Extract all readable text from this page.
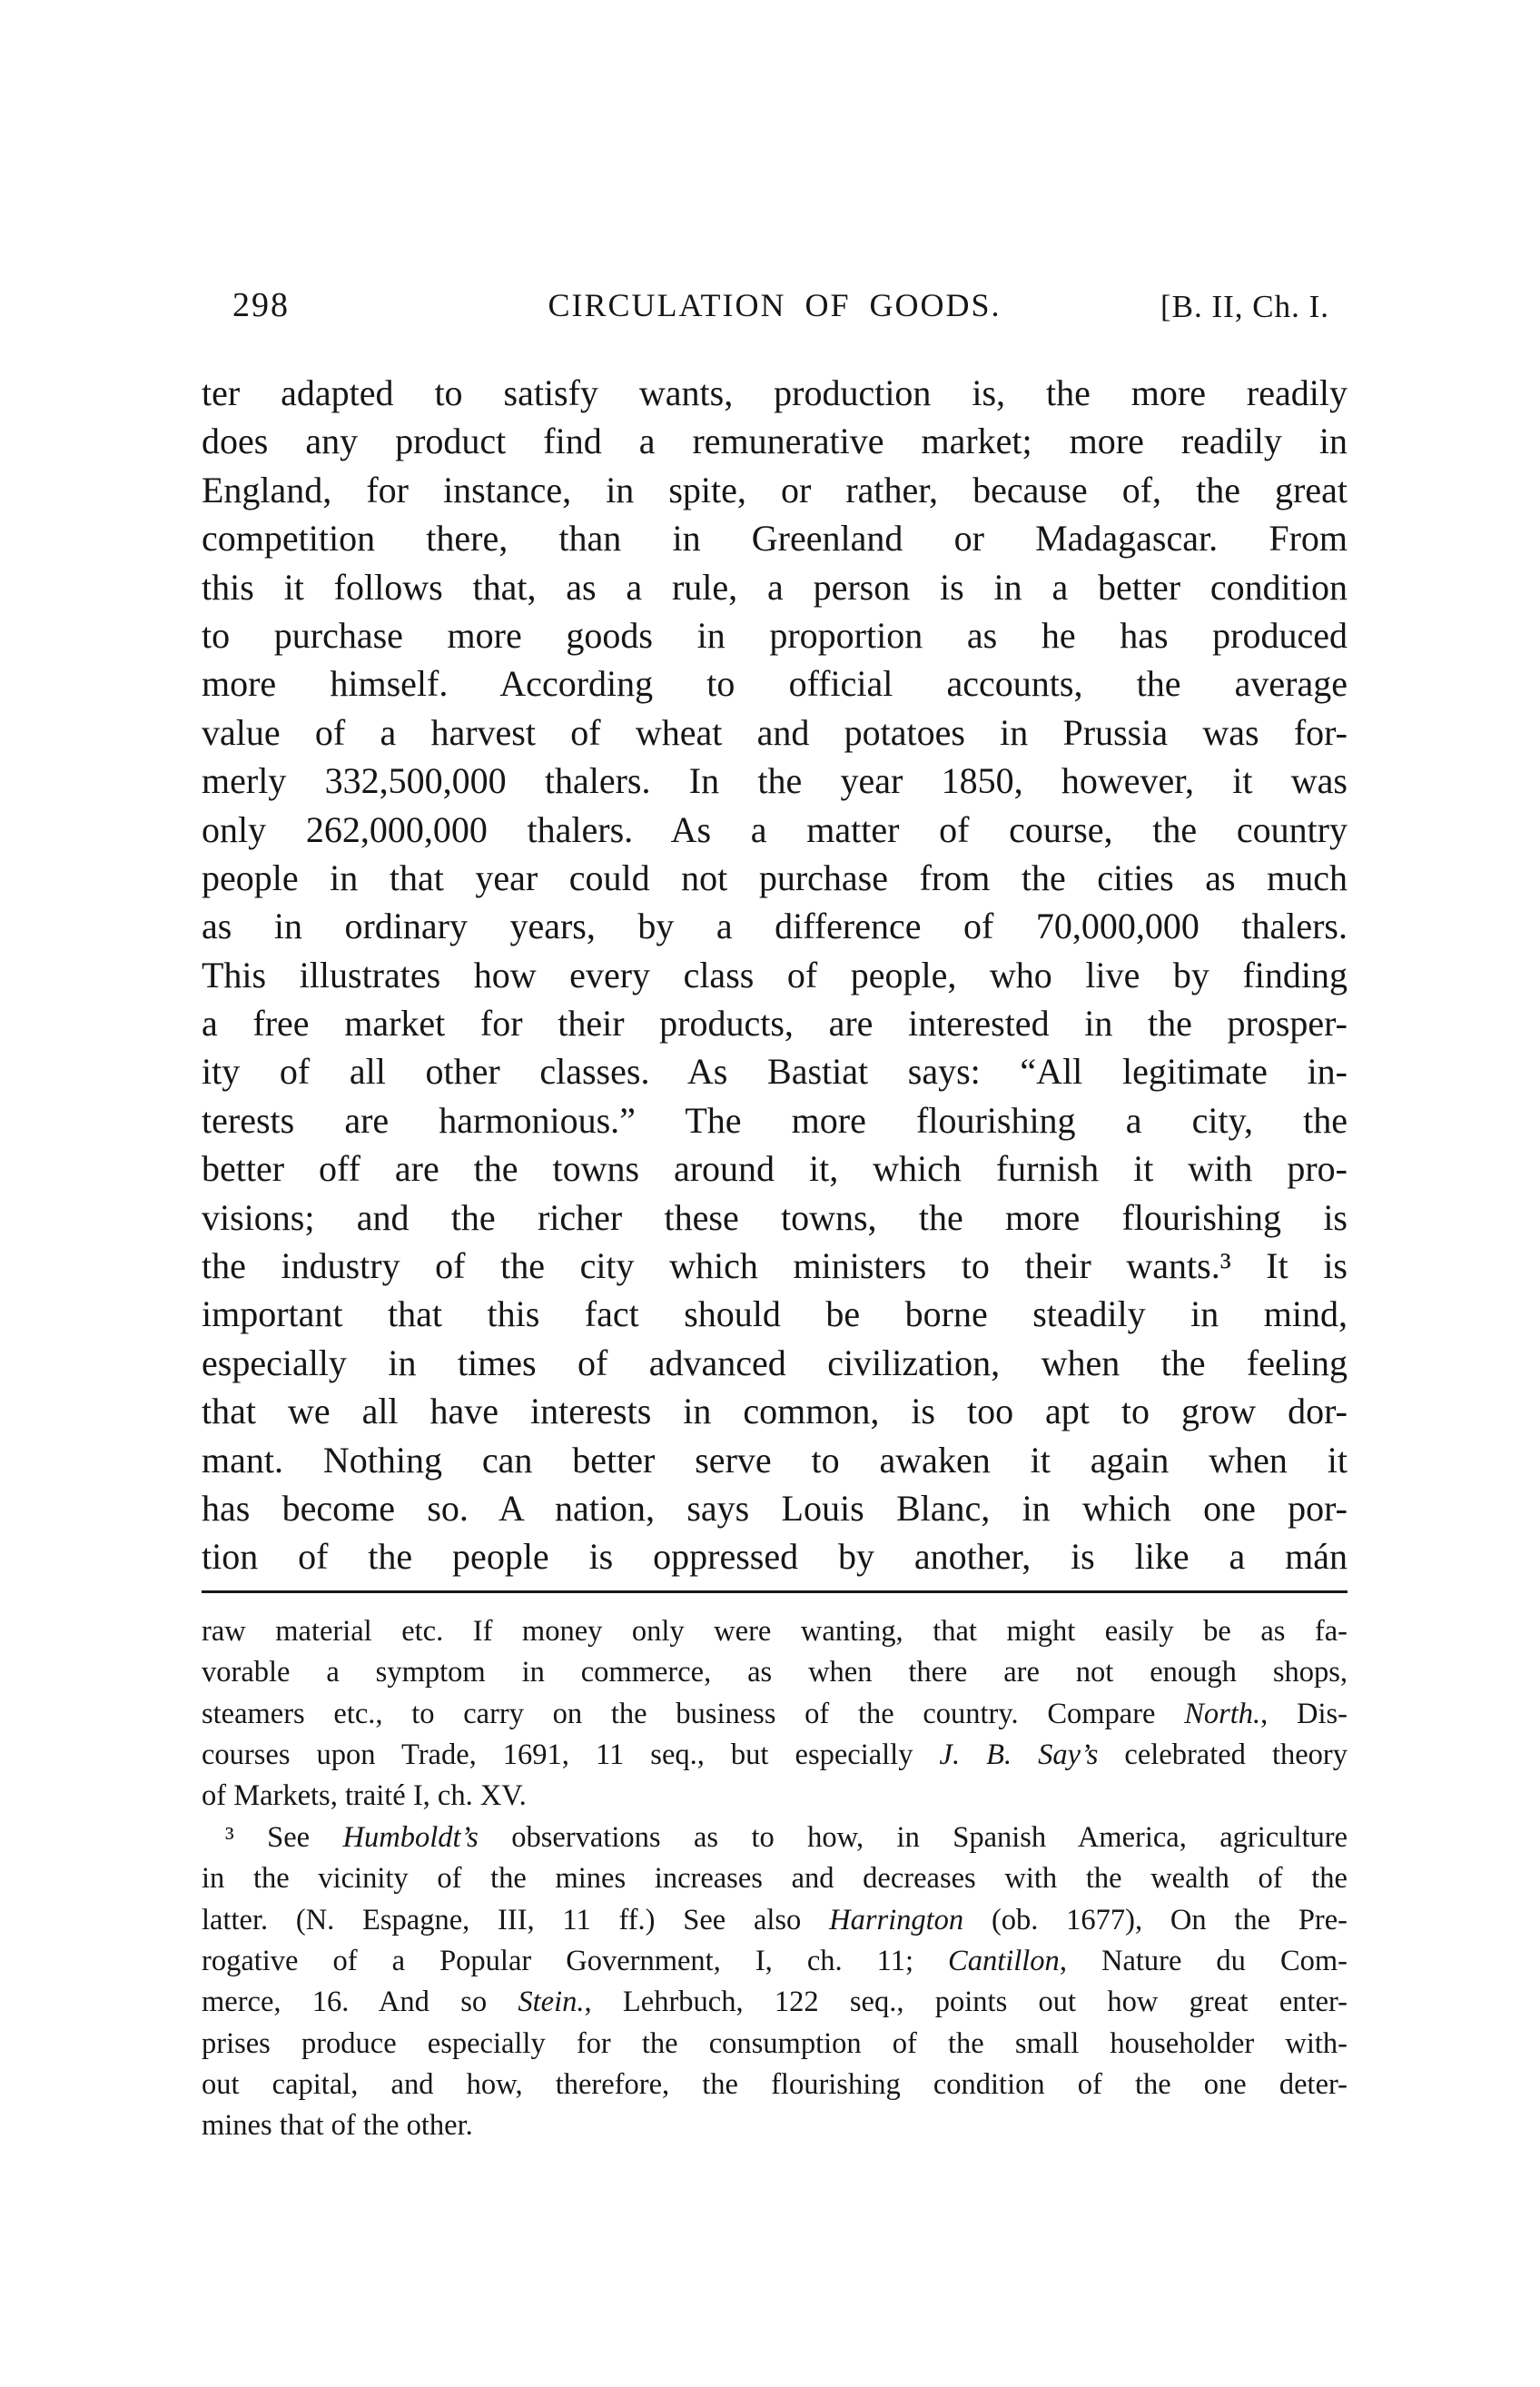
298	CIRCULATION OF GOODS.	[B. II, Ch. I.
ter adapted to satisfy wants, production is, the more readily
does any product find a remunerative market; more readily in
England, for instance, in spite, or rather, because of, the great
competition there, than in Greenland or Madagascar. From
this it follows that, as a rule, a person is in a better condition
to purchase more goods in proportion as he has produced
more himself. According to official accounts, the average
value of a harvest of wheat and potatoes in Prussia was for-
merly 332,500,000 thalers. In the year 1850, however, it was
only 262,000,000 thalers. As a matter of course, the country
people in that year could not purchase from the cities as much
as in ordinary years, by a difference of 70,000,000 thalers.
This illustrates how every class of people, who live by finding
a free market for their products, are interested in the prosper-
ity of all other classes. As Bastiat says: “All legitimate in-
terests are harmonious.” The more flourishing a city, the
better off are the towns around it, which furnish it with pro-
visions; and the richer these towns, the more flourishing is
the industry of the city which ministers to their wants.³ It is
important that this fact should be borne steadily in mind,
especially in times of advanced civilization, when the feeling
that we all have interests in common, is too apt to grow dor-
mant. Nothing can better serve to awaken it again when it
has become so. A nation, says Louis Blanc, in which one por-
tion of the people is oppressed by another, is like a mán
raw material etc. If money only were wanting, that might easily be as fa-
vorable a symptom in commerce, as when there are not enough shops,
steamers etc., to carry on the business of the country. Compare North., Dis-
courses upon Trade, 1691, 11 seq., but especially J. B. Say’s celebrated theory
of Markets, traité I, ch. XV.
³ See Humboldt’s observations as to how, in Spanish America, agriculture
in the vicinity of the mines increases and decreases with the wealth of the
latter. (N. Espagne, III, 11 ff.) See also Harrington (ob. 1677), On the Pre-
rogative of a Popular Government, I, ch. 11; Cantillon, Nature du Com-
merce, 16. And so Stein., Lehrbuch, 122 seq., points out how great enter-
prises produce especially for the consumption of the small householder with-
out capital, and how, therefore, the flourishing condition of the one deter-
mines that of the other.
